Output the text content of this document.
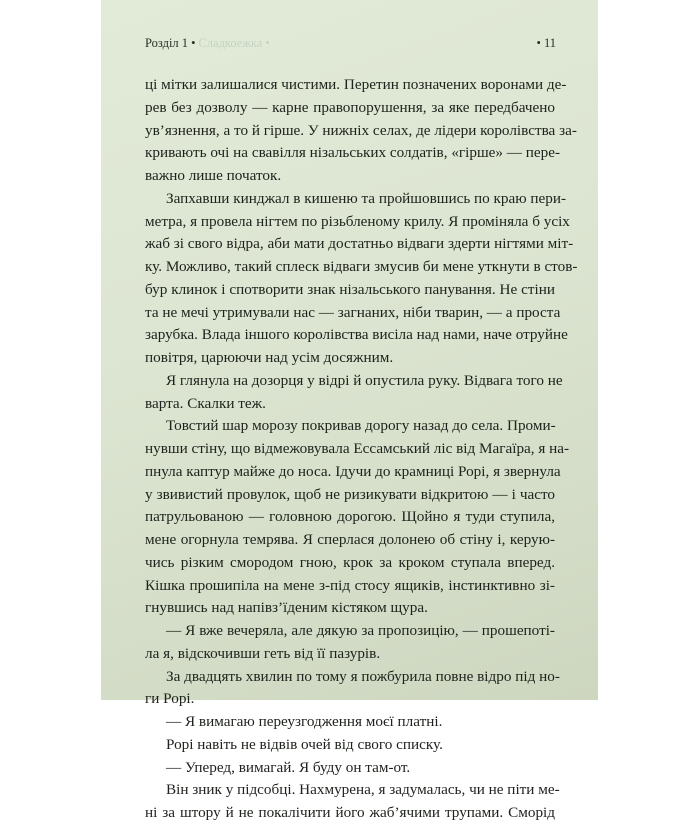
Розділ 1 • Сладкоежка •	• 11
ці мітки залишалися чистими. Перетин позначених воронами де-
рев без дозволу — карне правопорушення, за яке передбачено
ув’язнення, а то й гірше. У нижніх селах, де лідери королівства за-
кривають очі на свавілля нізальських солдатів, «гірше» — пере-
важно лише початок.
Запхавши кинджал в кишеню та пройшовшись по краю пери-
метра, я провела нігтем по різьбленому крилу. Я проміняла б усіх
жаб зі свого відра, аби мати достатньо відваги здерти нігтями міт-
ку. Можливо, такий сплеск відваги змусив би мене уткнути в стов-
бур клинок і спотворити знак нізальського панування. Не стіни
та не мечі утримували нас — загнаних, ніби тварин, — а проста
зарубка. Влада іншого королівства висіла над нами, наче отруйне
повітря, царюючи над усім досяжним.
Я глянула на дозорця у відрі й опустила руку. Відвага того не
варта. Скалки теж.
Товстий шар морозу покривав дорогу назад до села. Проми-
нувши стіну, що відмежовувала Ессамський ліс від Магаїра, я на-
пнула каптур майже до носа. Ідучи до крамниці Рорі, я звернула
у звивистий провулок, щоб не ризикувати відкритою — і часто
патрульованою — головною дорогою. Щойно я туди ступила,
мене огорнула темрява. Я сперлася долонею об стіну і, керую-
чись різким смородом гною, крок за кроком ступала вперед.
Кішка прошипіла на мене з-під стосу ящиків, інстинктивно зі-
гнувшись над напівз’їденим кістяком щура.
— Я вже вечеряла, але дякую за пропозицію, — прошепоті-
ла я, відскочивши геть від її пазурів.
За двадцять хвилин по тому я пожбурила повне відро під но-
ги Рорі.
— Я вимагаю переузгодження моєї платні.
Рорі навіть не відвів очей від свого списку.
— Уперед, вимагай. Я буду он там-от.
Він зник у підсобці. Нахмурена, я задумалась, чи не піти ме-
ні за штору й не покалічити його жаб’ячими трупами. Сморід
